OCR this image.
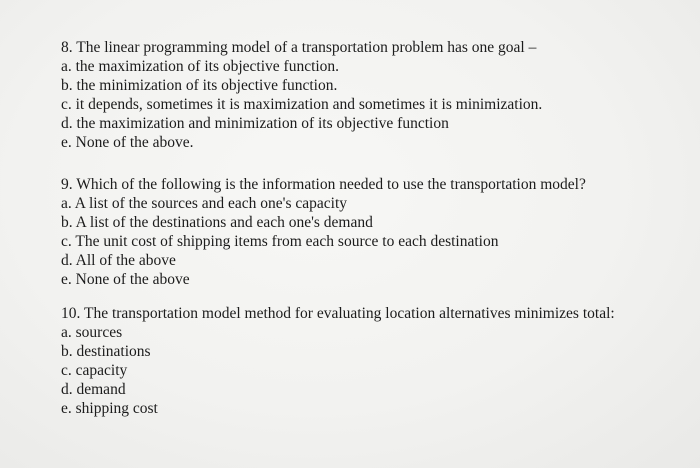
8. The linear programming model of a transportation problem has one goal –
a. the maximization of its objective function.
b. the minimization of its objective function.
c. it depends, sometimes it is maximization and sometimes it is minimization.
d. the maximization and minimization of its objective function
e. None of the above.
9. Which of the following is the information needed to use the transportation model?
a. A list of the sources and each one's capacity
b. A list of the destinations and each one's demand
c. The unit cost of shipping items from each source to each destination
d. All of the above
e. None of the above
10. The transportation model method for evaluating location alternatives minimizes total:
a. sources
b. destinations
c. capacity
d. demand
e. shipping cost
